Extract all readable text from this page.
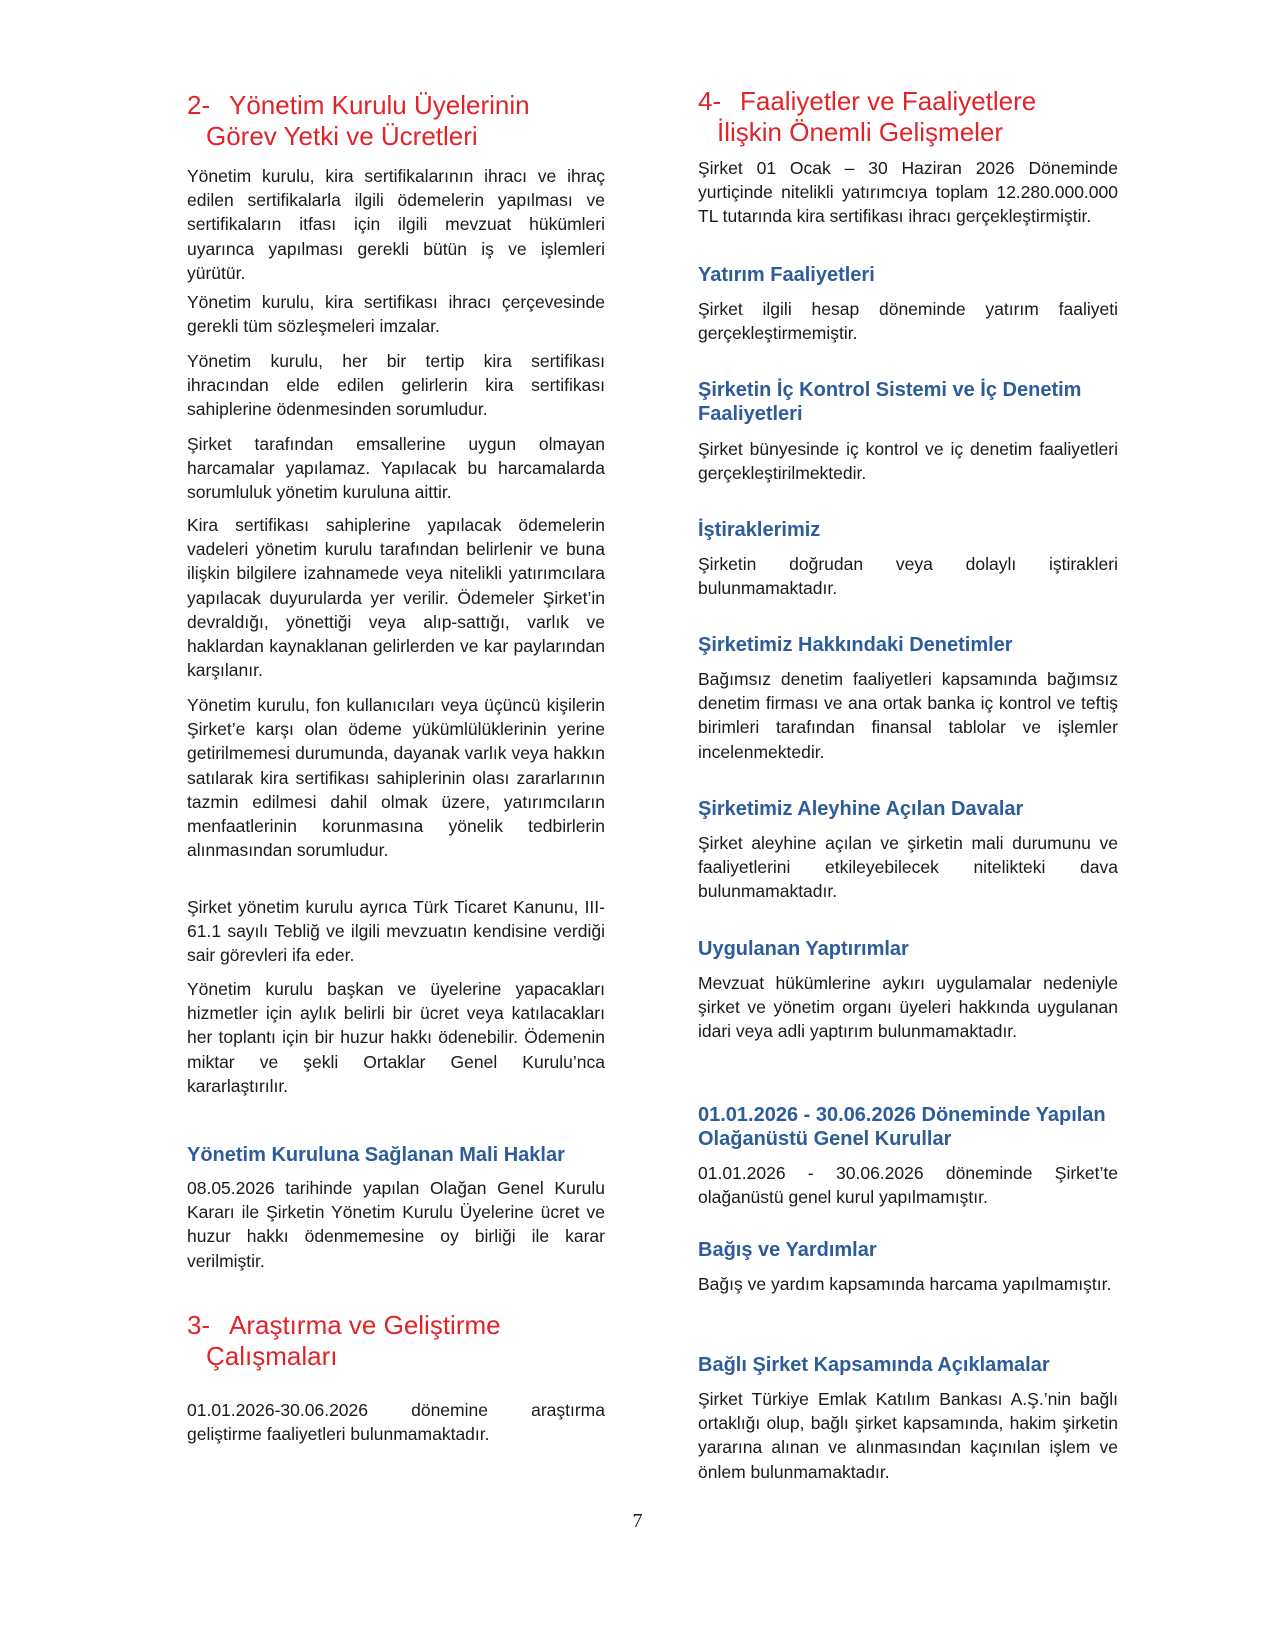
2- Yönetim Kurulu Üyelerinin
Görev Yetki ve Ücretleri

Yönetim kurulu, kira sertifikalarının ihracı ve ihraç edilen sertifikalarla ilgili ödemelerin yapılması ve sertifikaların itfası için ilgili mevzuat hükümleri uyarınca yapılması gerekli bütün iş ve işlemleri yürütür.

Yönetim kurulu, kira sertifikası ihracı çerçevesinde gerekli tüm sözleşmeleri imzalar.

Yönetim kurulu, her bir tertip kira sertifikası ihracından elde edilen gelirlerin kira sertifikası sahiplerine ödenmesinden sorumludur.

Şirket tarafından emsallerine uygun olmayan harcamalar yapılamaz. Yapılacak bu harcamalarda sorumluluk yönetim kuruluna aittir.

Kira sertifikası sahiplerine yapılacak ödemelerin vadeleri yönetim kurulu tarafından belirlenir ve buna ilişkin bilgilere izahnamede veya nitelikli yatırımcılara yapılacak duyurularda yer verilir. Ödemeler Şirket’in devraldığı, yönettiği veya alıp-sattığı, varlık ve haklardan kaynaklanan gelirlerden ve kar paylarından karşılanır.

Yönetim kurulu, fon kullanıcıları veya üçüncü kişilerin Şirket’e karşı olan ödeme yükümlülüklerinin yerine getirilmemesi durumunda, dayanak varlık veya hakkın satılarak kira sertifikası sahiplerinin olası zararlarının tazmin edilmesi dahil olmak üzere, yatırımcıların menfaatlerinin korunmasına yönelik tedbirlerin alınmasından sorumludur.

Şirket yönetim kurulu ayrıca Türk Ticaret Kanunu, III-61.1 sayılı Tebliğ ve ilgili mevzuatın kendisine verdiği sair görevleri ifa eder.

Yönetim kurulu başkan ve üyelerine yapacakları hizmetler için aylık belirli bir ücret veya katılacakları her toplantı için bir huzur hakkı ödenebilir. Ödemenin miktar ve şekli Ortaklar Genel Kurulu’nca kararlaştırılır.

Yönetim Kuruluna Sağlanan Mali Haklar

08.05.2026 tarihinde yapılan Olağan Genel Kurulu Kararı ile Şirketin Yönetim Kurulu Üyelerine ücret ve huzur hakkı ödenmemesine oy birliği ile karar verilmiştir.

3- Araştırma ve Geliştirme
Çalışmaları

01.01.2026-30.06.2026 dönemine araştırma geliştirme faaliyetleri bulunmamaktadır.

4- Faaliyetler ve Faaliyetlere
İlişkin Önemli Gelişmeler

Şirket 01 Ocak – 30 Haziran 2026 Döneminde yurtiçinde nitelikli yatırımcıya toplam 12.280.000.000 TL tutarında kira sertifikası ihracı gerçekleştirmiştir.

Yatırım Faaliyetleri

Şirket ilgili hesap döneminde yatırım faaliyeti gerçekleştirmemiştir.

Şirketin İç Kontrol Sistemi ve İç Denetim Faaliyetleri

Şirket bünyesinde iç kontrol ve iç denetim faaliyetleri gerçekleştirilmektedir.

İştiraklerimiz

Şirketin doğrudan veya dolaylı iştirakleri bulunmamaktadır.

Şirketimiz Hakkındaki Denetimler

Bağımsız denetim faaliyetleri kapsamında bağımsız denetim firması ve ana ortak banka iç kontrol ve teftiş birimleri tarafından finansal tablolar ve işlemler incelenmektedir.

Şirketimiz Aleyhine Açılan Davalar

Şirket aleyhine açılan ve şirketin mali durumunu ve faaliyetlerini etkileyebilecek nitelikteki dava bulunmamaktadır.

Uygulanan Yaptırımlar

Mevzuat hükümlerine aykırı uygulamalar nedeniyle şirket ve yönetim organı üyeleri hakkında uygulanan idari veya adli yaptırım bulunmamaktadır.

01.01.2026 - 30.06.2026 Döneminde Yapılan Olağanüstü Genel Kurullar

01.01.2026 - 30.06.2026 döneminde Şirket’te olağanüstü genel kurul yapılmamıştır.

Bağış ve Yardımlar

Bağış ve yardım kapsamında harcama yapılmamıştır.

Bağlı Şirket Kapsamında Açıklamalar

Şirket Türkiye Emlak Katılım Bankası A.Ş.’nin bağlı ortaklığı olup, bağlı şirket kapsamında, hakim şirketin yararına alınan ve alınmasından kaçınılan işlem ve önlem bulunmamaktadır.

7
